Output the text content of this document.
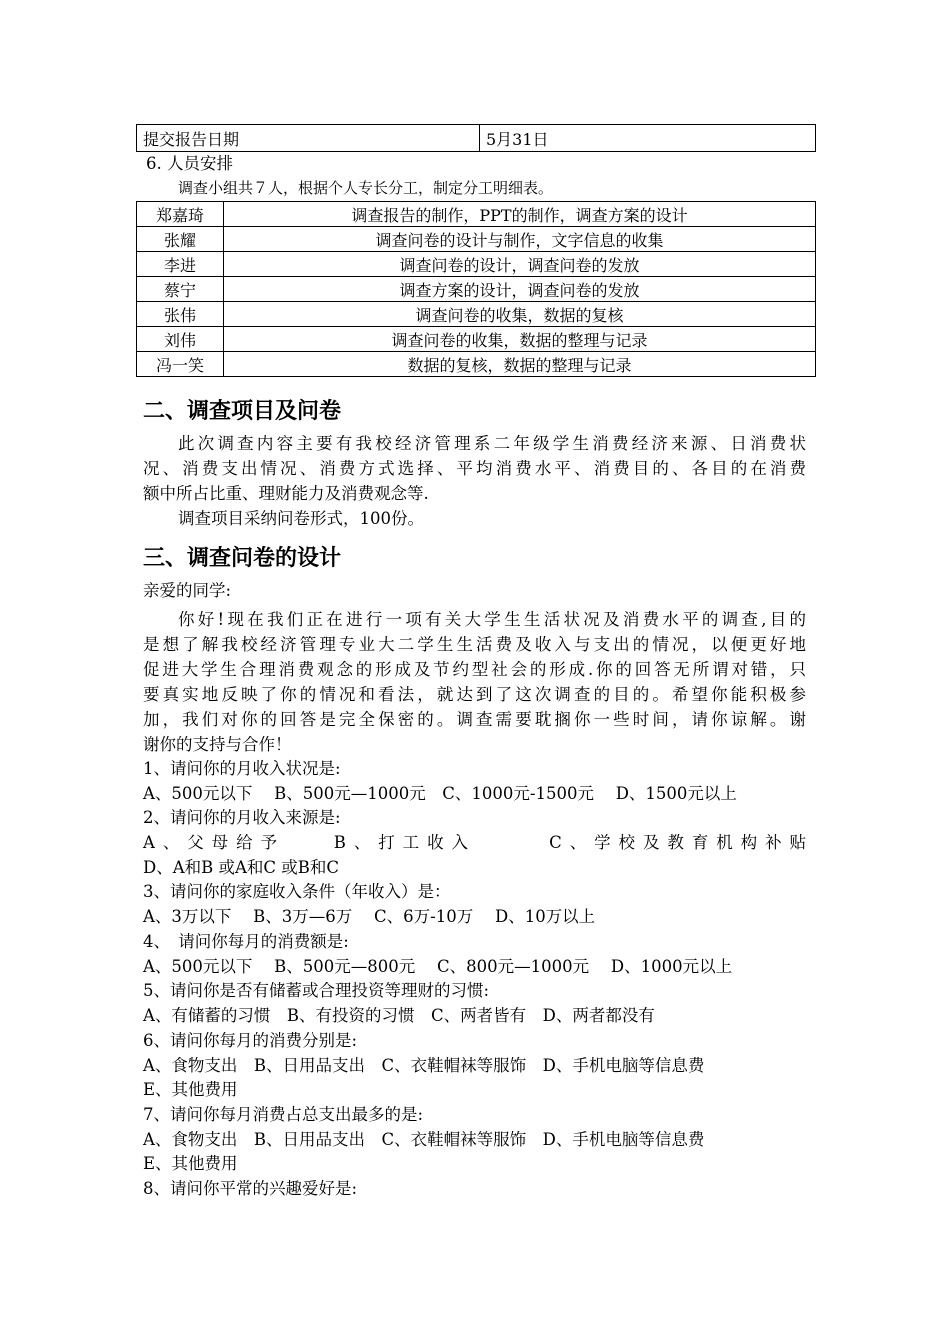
提交报告日期	5月31日
6. 人员安排
调查小组共７人，根据个人专长分工，制定分工明细表。
郑嘉琦	调查报告的制作，PPT的制作，调查方案的设计
张耀	调查问卷的设计与制作，文字信息的收集
李进	调查问卷的设计，调查问卷的发放
蔡宁	调查方案的设计，调查问卷的发放
张伟	调查问卷的收集，数据的复核
刘伟	调查问卷的收集，数据的整理与记录
冯一笑	数据的复核，数据的整理与记录
二、调查项目及问卷
此次调查内容主要有我校经济管理系二年级学生消费经济来源、日消费状
况、消费支出情况、消费方式选择、平均消费水平、消费目的、各目的在消费
额中所占比重、理财能力及消费观念等.
调查项目采纳问卷形式，100份。
三、调查问卷的设计
亲爱的同学:
你好!现在我们正在进行一项有关大学生生活状况及消费水平的调查,目的
是想了解我校经济管理专业大二学生生活费及收入与支出的情况，以便更好地
促进大学生合理消费观念的形成及节约型社会的形成.你的回答无所谓对错，只
要真实地反映了你的情况和看法，就达到了这次调查的目的。希望你能积极参
加，我们对你的回答是完全保密的。调查需要耽搁你一些时间，请你谅解。谢
谢你的支持与合作！
1、请问你的月收入状况是:
A、500元以下　 B、500元—1000元　C、1000元-1500元　 D、1500元以上
2、请问你的月收入来源是:
A、父母给予　　B、打工收入　　　C、学校及教育机构补贴
D、A和B 或A和C 或B和C
3、请问你的家庭收入条件（年收入）是：
A、3万以下　 B、3万—6万　 C、6万-10万　 D、10万以上
4、　请问你每月的消费额是:
A、500元以下　 B、500元—800元　 C、800元—1000元　 D、1000元以上
5、请问你是否有储蓄或合理投资等理财的习惯:
A、有储蓄的习惯　B、有投资的习惯　C、两者皆有　D、两者都没有
6、请问你每月的消费分别是:
A、食物支出　B、日用品支出　C、衣鞋帽袜等服饰　D、手机电脑等信息费
E、其他费用
7、请问你每月消费占总支出最多的是:
A、食物支出　B、日用品支出　C、衣鞋帽袜等服饰　D、手机电脑等信息费
E、其他费用
8、请问你平常的兴趣爱好是:
